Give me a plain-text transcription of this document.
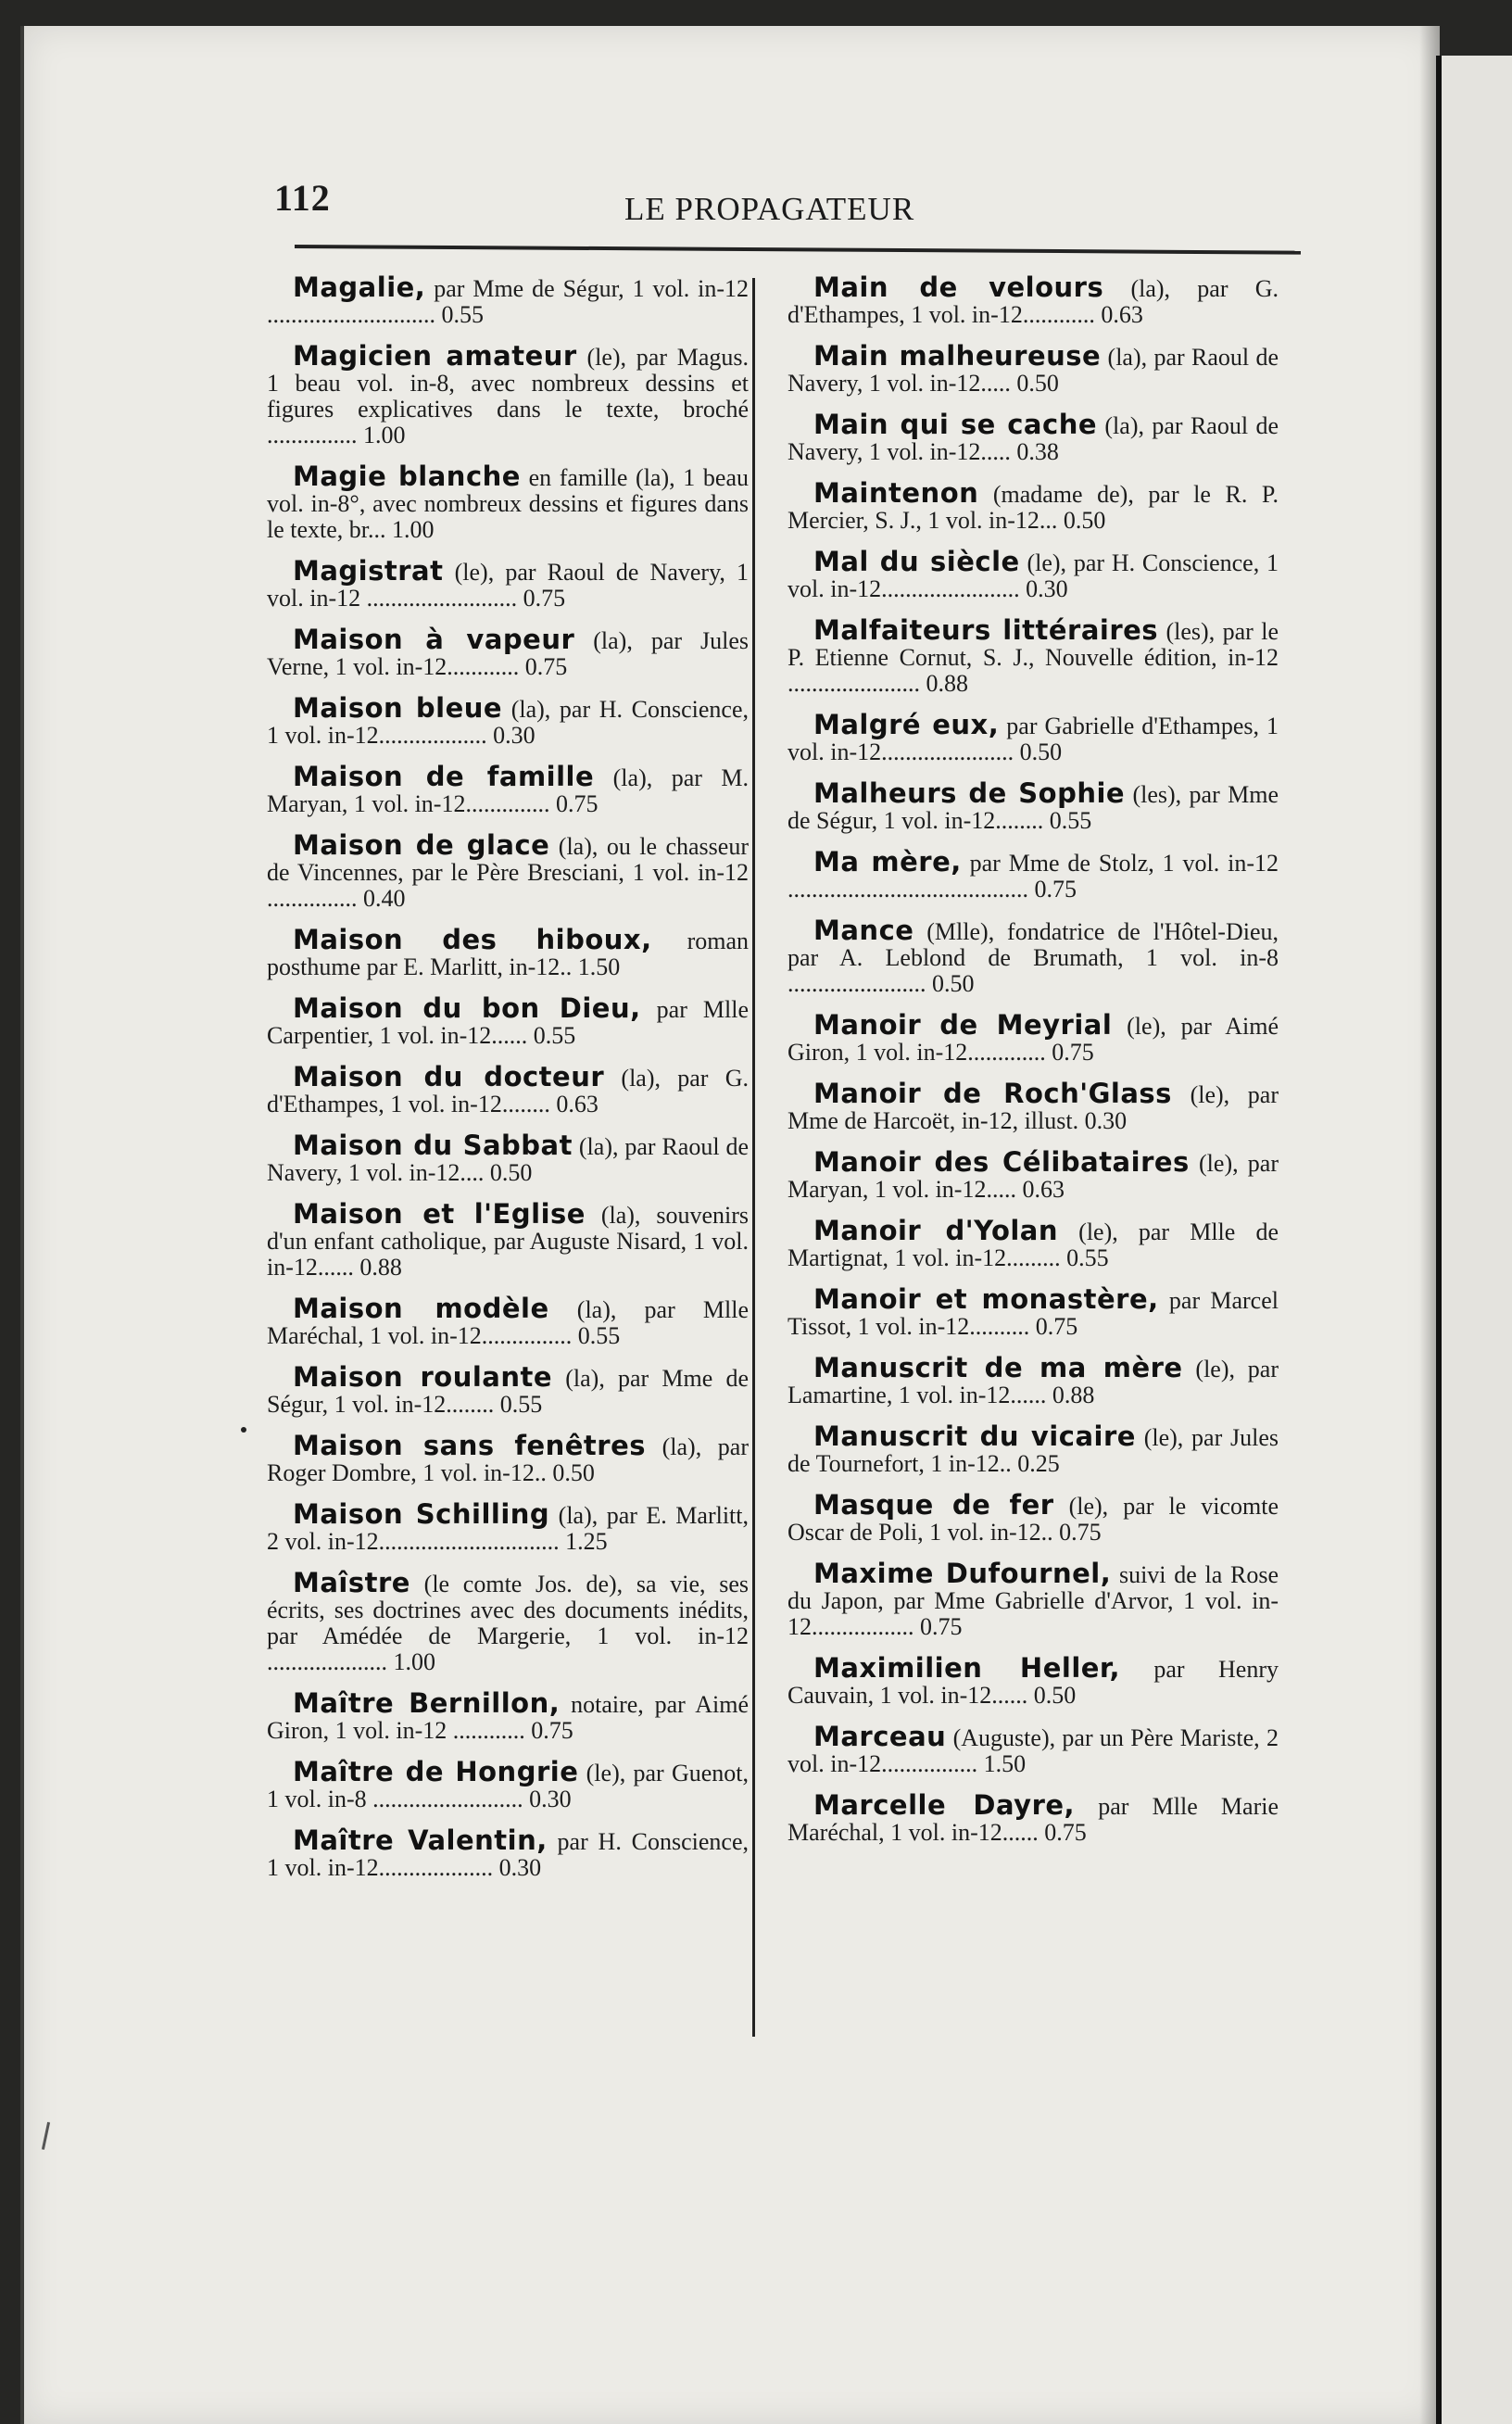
112	LE PROPAGATEUR
Magalie, par Mme de Ségur, 1 vol. in-12 ............................ 0.55
Magicien amateur (le), par Magus. 1 beau vol. in-8, avec nombreux dessins et figures explicatives dans le texte, broché ............... 1.00
Magie blanche en famille (la), 1 beau vol. in-8°, avec nombreux dessins et figures dans le texte, br... 1.00
Magistrat (le), par Raoul de Navery, 1 vol. in-12 ......................... 0.75
Maison à vapeur (la), par Jules Verne, 1 vol. in-12............ 0.75
Maison bleue (la), par H. Conscience, 1 vol. in-12.................. 0.30
Maison de famille (la), par M. Maryan, 1 vol. in-12.............. 0.75
Maison de glace (la), ou le chasseur de Vincennes, par le Père Bresciani, 1 vol. in-12 ............... 0.40
Maison des hiboux, roman posthume par E. Marlitt, in-12.. 1.50
Maison du bon Dieu, par Mlle Carpentier, 1 vol. in-12...... 0.55
Maison du docteur (la), par G. d'Ethampes, 1 vol. in-12........ 0.63
Maison du Sabbat (la), par Raoul de Navery, 1 vol. in-12.... 0.50
Maison et l'Eglise (la), souvenirs d'un enfant catholique, par Auguste Nisard, 1 vol. in-12...... 0.88
Maison modèle (la), par Mlle Maréchal, 1 vol. in-12............... 0.55
Maison roulante (la), par Mme de Ségur, 1 vol. in-12........ 0.55
Maison sans fenêtres (la), par Roger Dombre, 1 vol. in-12.. 0.50
Maison Schilling (la), par E. Marlitt, 2 vol. in-12.............................. 1.25
Maîstre (le comte Jos. de), sa vie, ses écrits, ses doctrines avec des documents inédits, par Amédée de Margerie, 1 vol. in-12 .................... 1.00
Maître Bernillon, notaire, par Aimé Giron, 1 vol. in-12 ............ 0.75
Maître de Hongrie (le), par Guenot, 1 vol. in-8 ......................... 0.30
Maître Valentin, par H. Conscience, 1 vol. in-12................... 0.30
Main de velours (la), par G. d'Ethampes, 1 vol. in-12............ 0.63
Main malheureuse (la), par Raoul de Navery, 1 vol. in-12..... 0.50
Main qui se cache (la), par Raoul de Navery, 1 vol. in-12..... 0.38
Maintenon (madame de), par le R. P. Mercier, S. J., 1 vol. in-12... 0.50
Mal du siècle (le), par H. Conscience, 1 vol. in-12....................... 0.30
Malfaiteurs littéraires (les), par le P. Etienne Cornut, S. J., Nouvelle édition, in-12 ...................... 0.88
Malgré eux, par Gabrielle d'Ethampes, 1 vol. in-12...................... 0.50
Malheurs de Sophie (les), par Mme de Ségur, 1 vol. in-12........ 0.55
Ma mère, par Mme de Stolz, 1 vol. in-12 ........................................ 0.75
Mance (Mlle), fondatrice de l'Hôtel-Dieu, par A. Leblond de Brumath, 1 vol. in-8 ....................... 0.50
Manoir de Meyrial (le), par Aimé Giron, 1 vol. in-12............. 0.75
Manoir de Roch'Glass (le), par Mme de Harcoët, in-12, illust. 0.30
Manoir des Célibataires (le), par Maryan, 1 vol. in-12..... 0.63
Manoir d'Yolan (le), par Mlle de Martignat, 1 vol. in-12......... 0.55
Manoir et monastère, par Marcel Tissot, 1 vol. in-12.......... 0.75
Manuscrit de ma mère (le), par Lamartine, 1 vol. in-12...... 0.88
Manuscrit du vicaire (le), par Jules de Tournefort, 1 in-12.. 0.25
Masque de fer (le), par le vicomte Oscar de Poli, 1 vol. in-12.. 0.75
Maxime Dufournel, suivi de la Rose du Japon, par Mme Gabrielle d'Arvor, 1 vol. in-12................. 0.75
Maximilien Heller, par Henry Cauvain, 1 vol. in-12...... 0.50
Marceau (Auguste), par un Père Mariste, 2 vol. in-12................ 1.50
Marcelle Dayre, par Mlle Marie Maréchal, 1 vol. in-12...... 0.75
